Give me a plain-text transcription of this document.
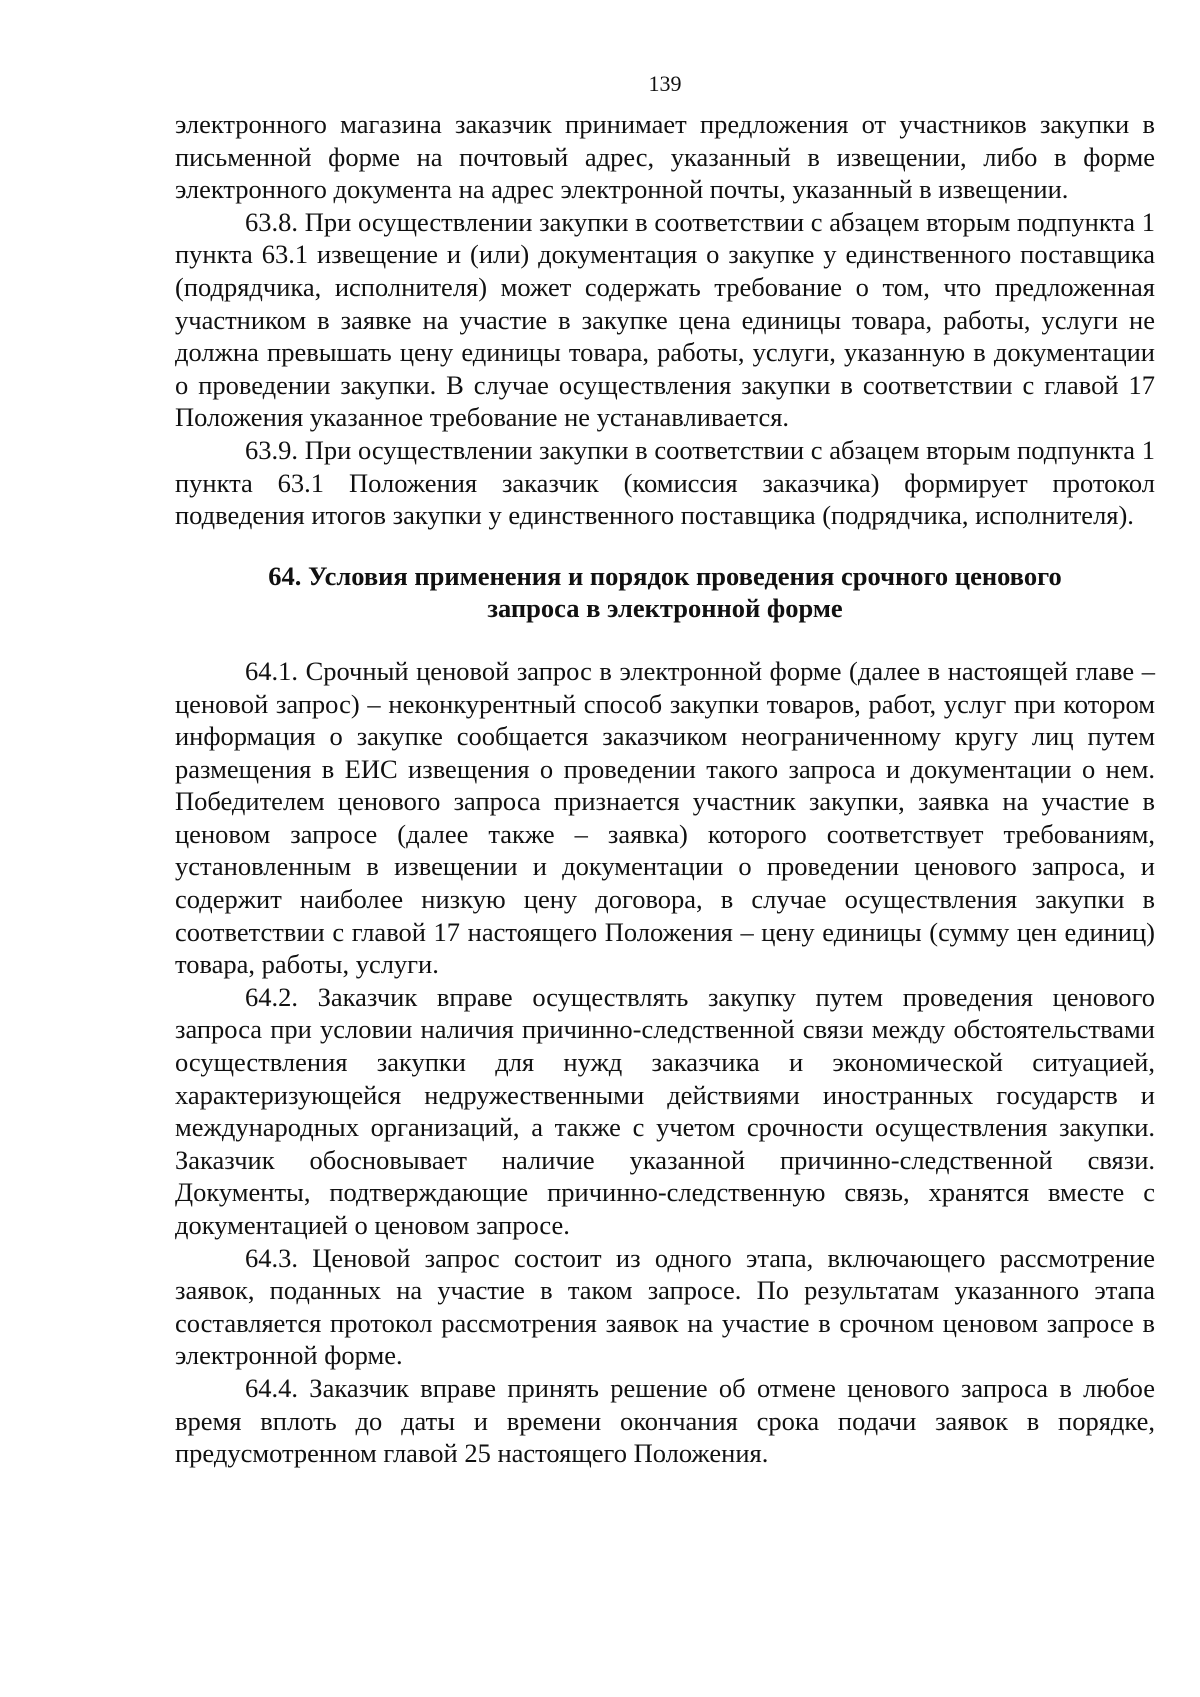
139

электронного магазина заказчик принимает предложения от участников закупки в письменной форме на почтовый адрес, указанный в извещении, либо в форме электронного документа на адрес электронной почты, указанный в извещении.

63.8. При осуществлении закупки в соответствии с абзацем вторым подпункта 1 пункта 63.1 извещение и (или) документация о закупке у единственного поставщика (подрядчика, исполнителя) может содержать требование о том, что предложенная участником в заявке на участие в закупке цена единицы товара, работы, услуги не должна превышать цену единицы товара, работы, услуги, указанную в документации о проведении закупки. В случае осуществления закупки в соответствии с главой 17 Положения указанное требование не устанавливается.

63.9. При осуществлении закупки в соответствии с абзацем вторым подпункта 1 пункта 63.1 Положения заказчик (комиссия заказчика) формирует протокол подведения итогов закупки у единственного поставщика (подрядчика, исполнителя).

64. Условия применения и порядок проведения срочного ценового
запроса в электронной форме

64.1. Срочный ценовой запрос в электронной форме (далее в настоящей главе – ценовой запрос) – неконкурентный способ закупки товаров, работ, услуг при котором информация о закупке сообщается заказчиком неограниченному кругу лиц путем размещения в ЕИС извещения о проведении такого запроса и документации о нем. Победителем ценового запроса признается участник закупки, заявка на участие в ценовом запросе (далее также – заявка) которого соответствует требованиям, установленным в извещении и документации о проведении ценового запроса, и содержит наиболее низкую цену договора, в случае осуществления закупки в соответствии с главой 17 настоящего Положения – цену единицы (сумму цен единиц) товара, работы, услуги.

64.2. Заказчик вправе осуществлять закупку путем проведения ценового запроса при условии наличия причинно-следственной связи между обстоятельствами осуществления закупки для нужд заказчика и экономической ситуацией, характеризующейся недружественными действиями иностранных государств и международных организаций, а также с учетом срочности осуществления закупки. Заказчик обосновывает наличие указанной причинно-следственной связи. Документы, подтверждающие причинно-следственную связь, хранятся вместе с документацией о ценовом запросе.

64.3. Ценовой запрос состоит из одного этапа, включающего рассмотрение заявок, поданных на участие в таком запросе. По результатам указанного этапа составляется протокол рассмотрения заявок на участие в срочном ценовом запросе в электронной форме.

64.4. Заказчик вправе принять решение об отмене ценового запроса в любое время вплоть до даты и времени окончания срока подачи заявок в порядке, предусмотренном главой 25 настоящего Положения.
